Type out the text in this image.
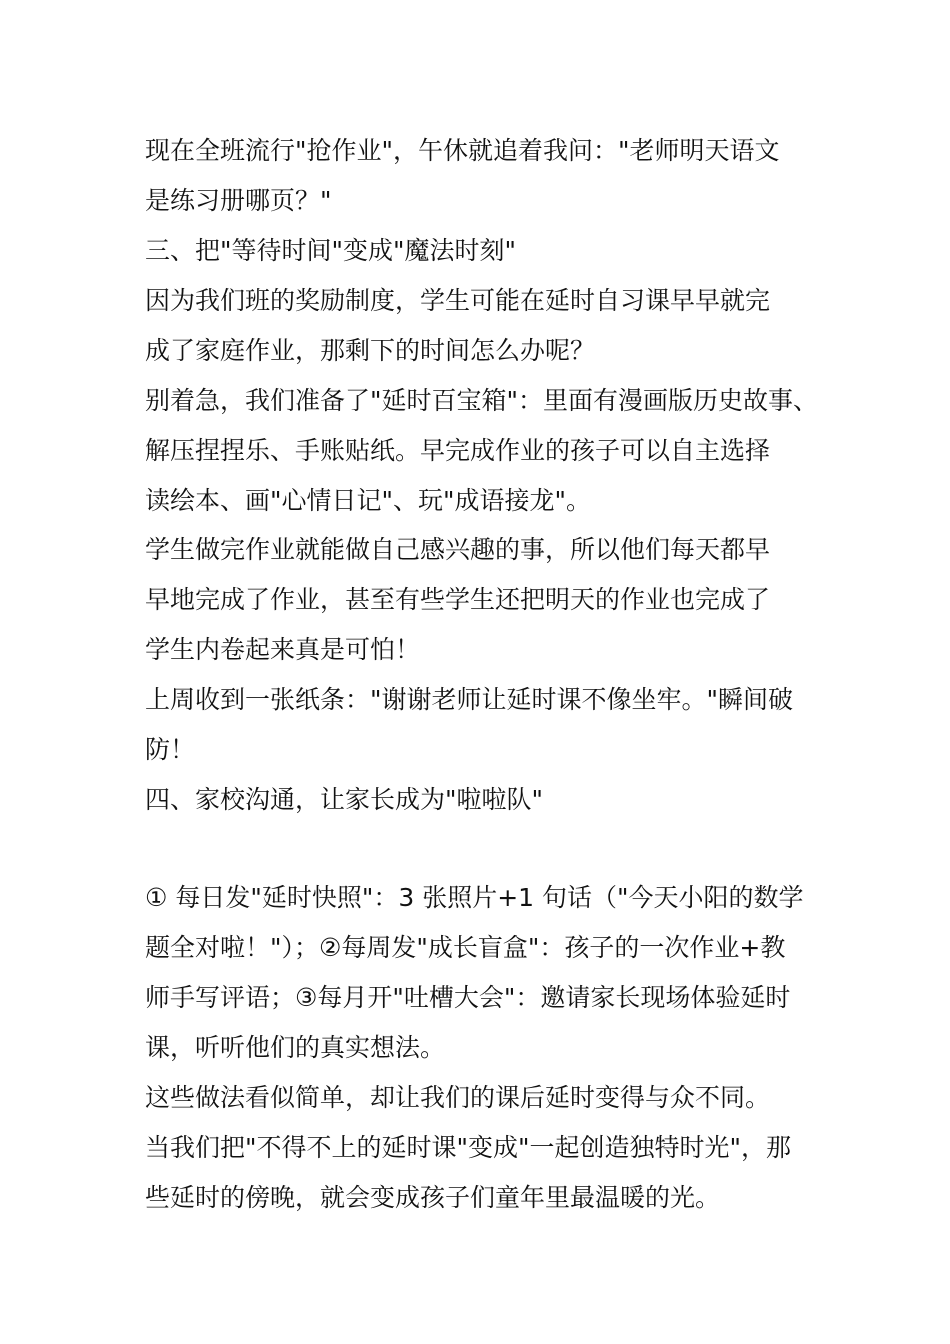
现在全班流行"抢作业"，午休就追着我问："老师明天语文
是练习册哪页？"
三、把"等待时间"变成"魔法时刻"
因为我们班的奖励制度，学生可能在延时自习课早早就完
成了家庭作业，那剩下的时间怎么办呢？
别着急，我们准备了"延时百宝箱"：里面有漫画版历史故事、
解压捏捏乐、手账贴纸。早完成作业的孩子可以自主选择
读绘本、画"心情日记"、玩"成语接龙"。
学生做完作业就能做自己感兴趣的事，所以他们每天都早
早地完成了作业，甚至有些学生还把明天的作业也完成了
学生内卷起来真是可怕！
上周收到一张纸条："谢谢老师让延时课不像坐牢。"瞬间破
防！
四、家校沟通，让家长成为"啦啦队"
① 每日发"延时快照"：3 张照片+1 句话（"今天小阳的数学
题全对啦！"）；②每周发"成长盲盒"：孩子的一次作业+教
师手写评语；③每月开"吐槽大会"：邀请家长现场体验延时
课，听听他们的真实想法。
这些做法看似简单，却让我们的课后延时变得与众不同。
当我们把"不得不上的延时课"变成"一起创造独特时光"，那
些延时的傍晚，就会变成孩子们童年里最温暖的光。
